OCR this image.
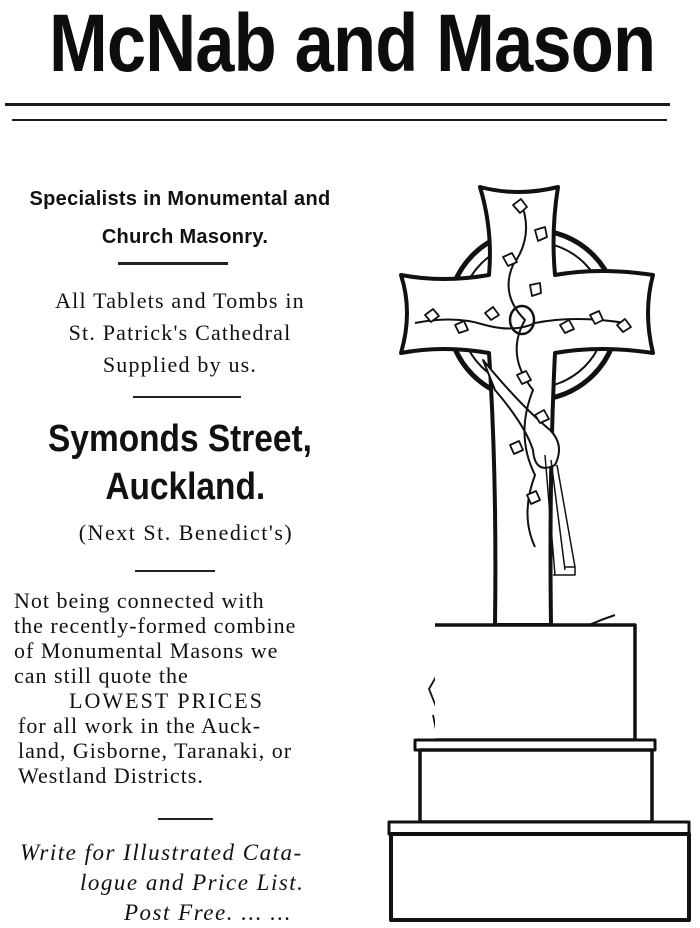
McNab and Mason
Specialists in Monumental and
Church Masonry.
All Tablets and Tombs in
St. Patrick's Cathedral
Supplied by us.
Symonds Street,
Auckland.
(Next St. Benedict's)
Not being connected with
the recently-formed combine
of Monumental Masons we
can still quote the
LOWEST PRICES
for all work in the Auck-
land, Gisborne, Taranaki, or
Westland Districts.
Write for Illustrated Cata-
logue and Price List.
Post Free. ... ...
